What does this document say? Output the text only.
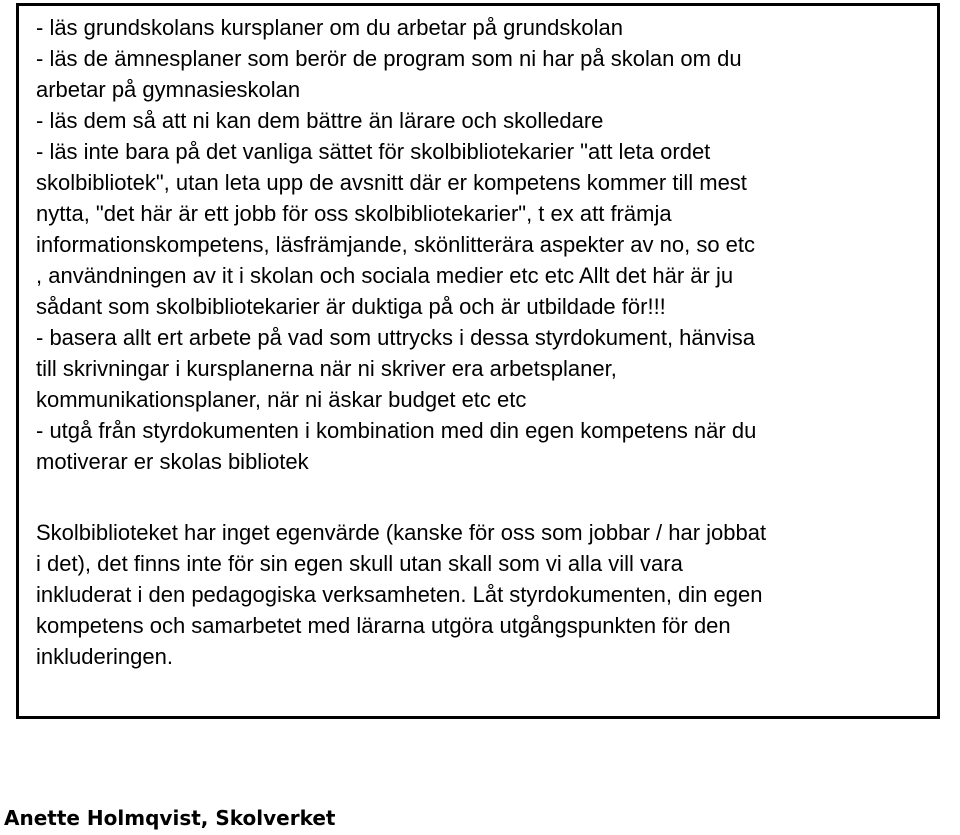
- läs grundskolans kursplaner om du arbetar på grundskolan
- läs de ämnesplaner som berör de program som ni har på skolan om du
arbetar på gymnasieskolan
- läs dem så att ni kan dem bättre än lärare och skolledare
- läs inte bara på det vanliga sättet för skolbibliotekarier "att leta ordet
skolbibliotek", utan leta upp de avsnitt där er kompetens kommer till mest
nytta, "det här är ett jobb för oss skolbibliotekarier", t ex att främja
informationskompetens, läsfrämjande, skönlitterära aspekter av no, so etc
, användningen av it i skolan och sociala medier etc etc Allt det här är ju
sådant som skolbibliotekarier är duktiga på och är utbildade för!!!
- basera allt ert arbete på vad som uttrycks i dessa styrdokument, hänvisa
till skrivningar i kursplanerna när ni skriver era arbetsplaner,
kommunikationsplaner, när ni äskar budget etc etc
- utgå från styrdokumenten i kombination med din egen kompetens när du
motiverar er skolas bibliotek
Skolbiblioteket har inget egenvärde (kanske för oss som jobbar / har jobbat
i det), det finns inte för sin egen skull utan skall som vi alla vill vara
inkluderat i den pedagogiska verksamheten. Låt styrdokumenten, din egen
kompetens och samarbetet med lärarna utgöra utgångspunkten för den
inkluderingen.
Anette Holmqvist, Skolverket
